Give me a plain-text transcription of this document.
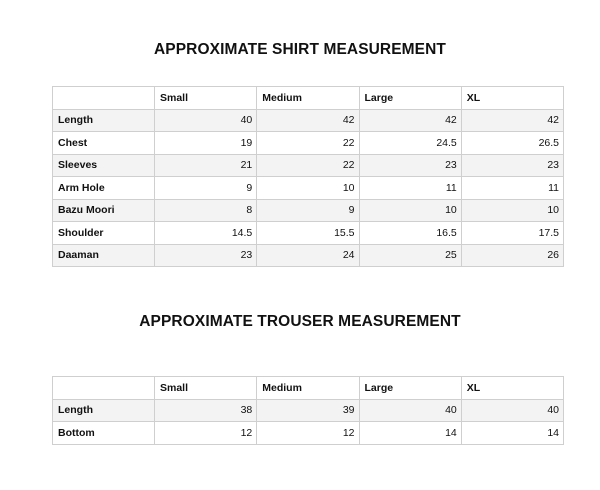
APPROXIMATE SHIRT MEASUREMENT
	Small	Medium	Large	XL
Length	40	42	42	42
Chest	19	22	24.5	26.5
Sleeves	21	22	23	23
Arm Hole	9	10	11	11
Bazu Moori	8	9	10	10
Shoulder	14.5	15.5	16.5	17.5
Daaman	23	24	25	26
APPROXIMATE TROUSER MEASUREMENT
	Small	Medium	Large	XL
Length	38	39	40	40
Bottom	12	12	14	14
